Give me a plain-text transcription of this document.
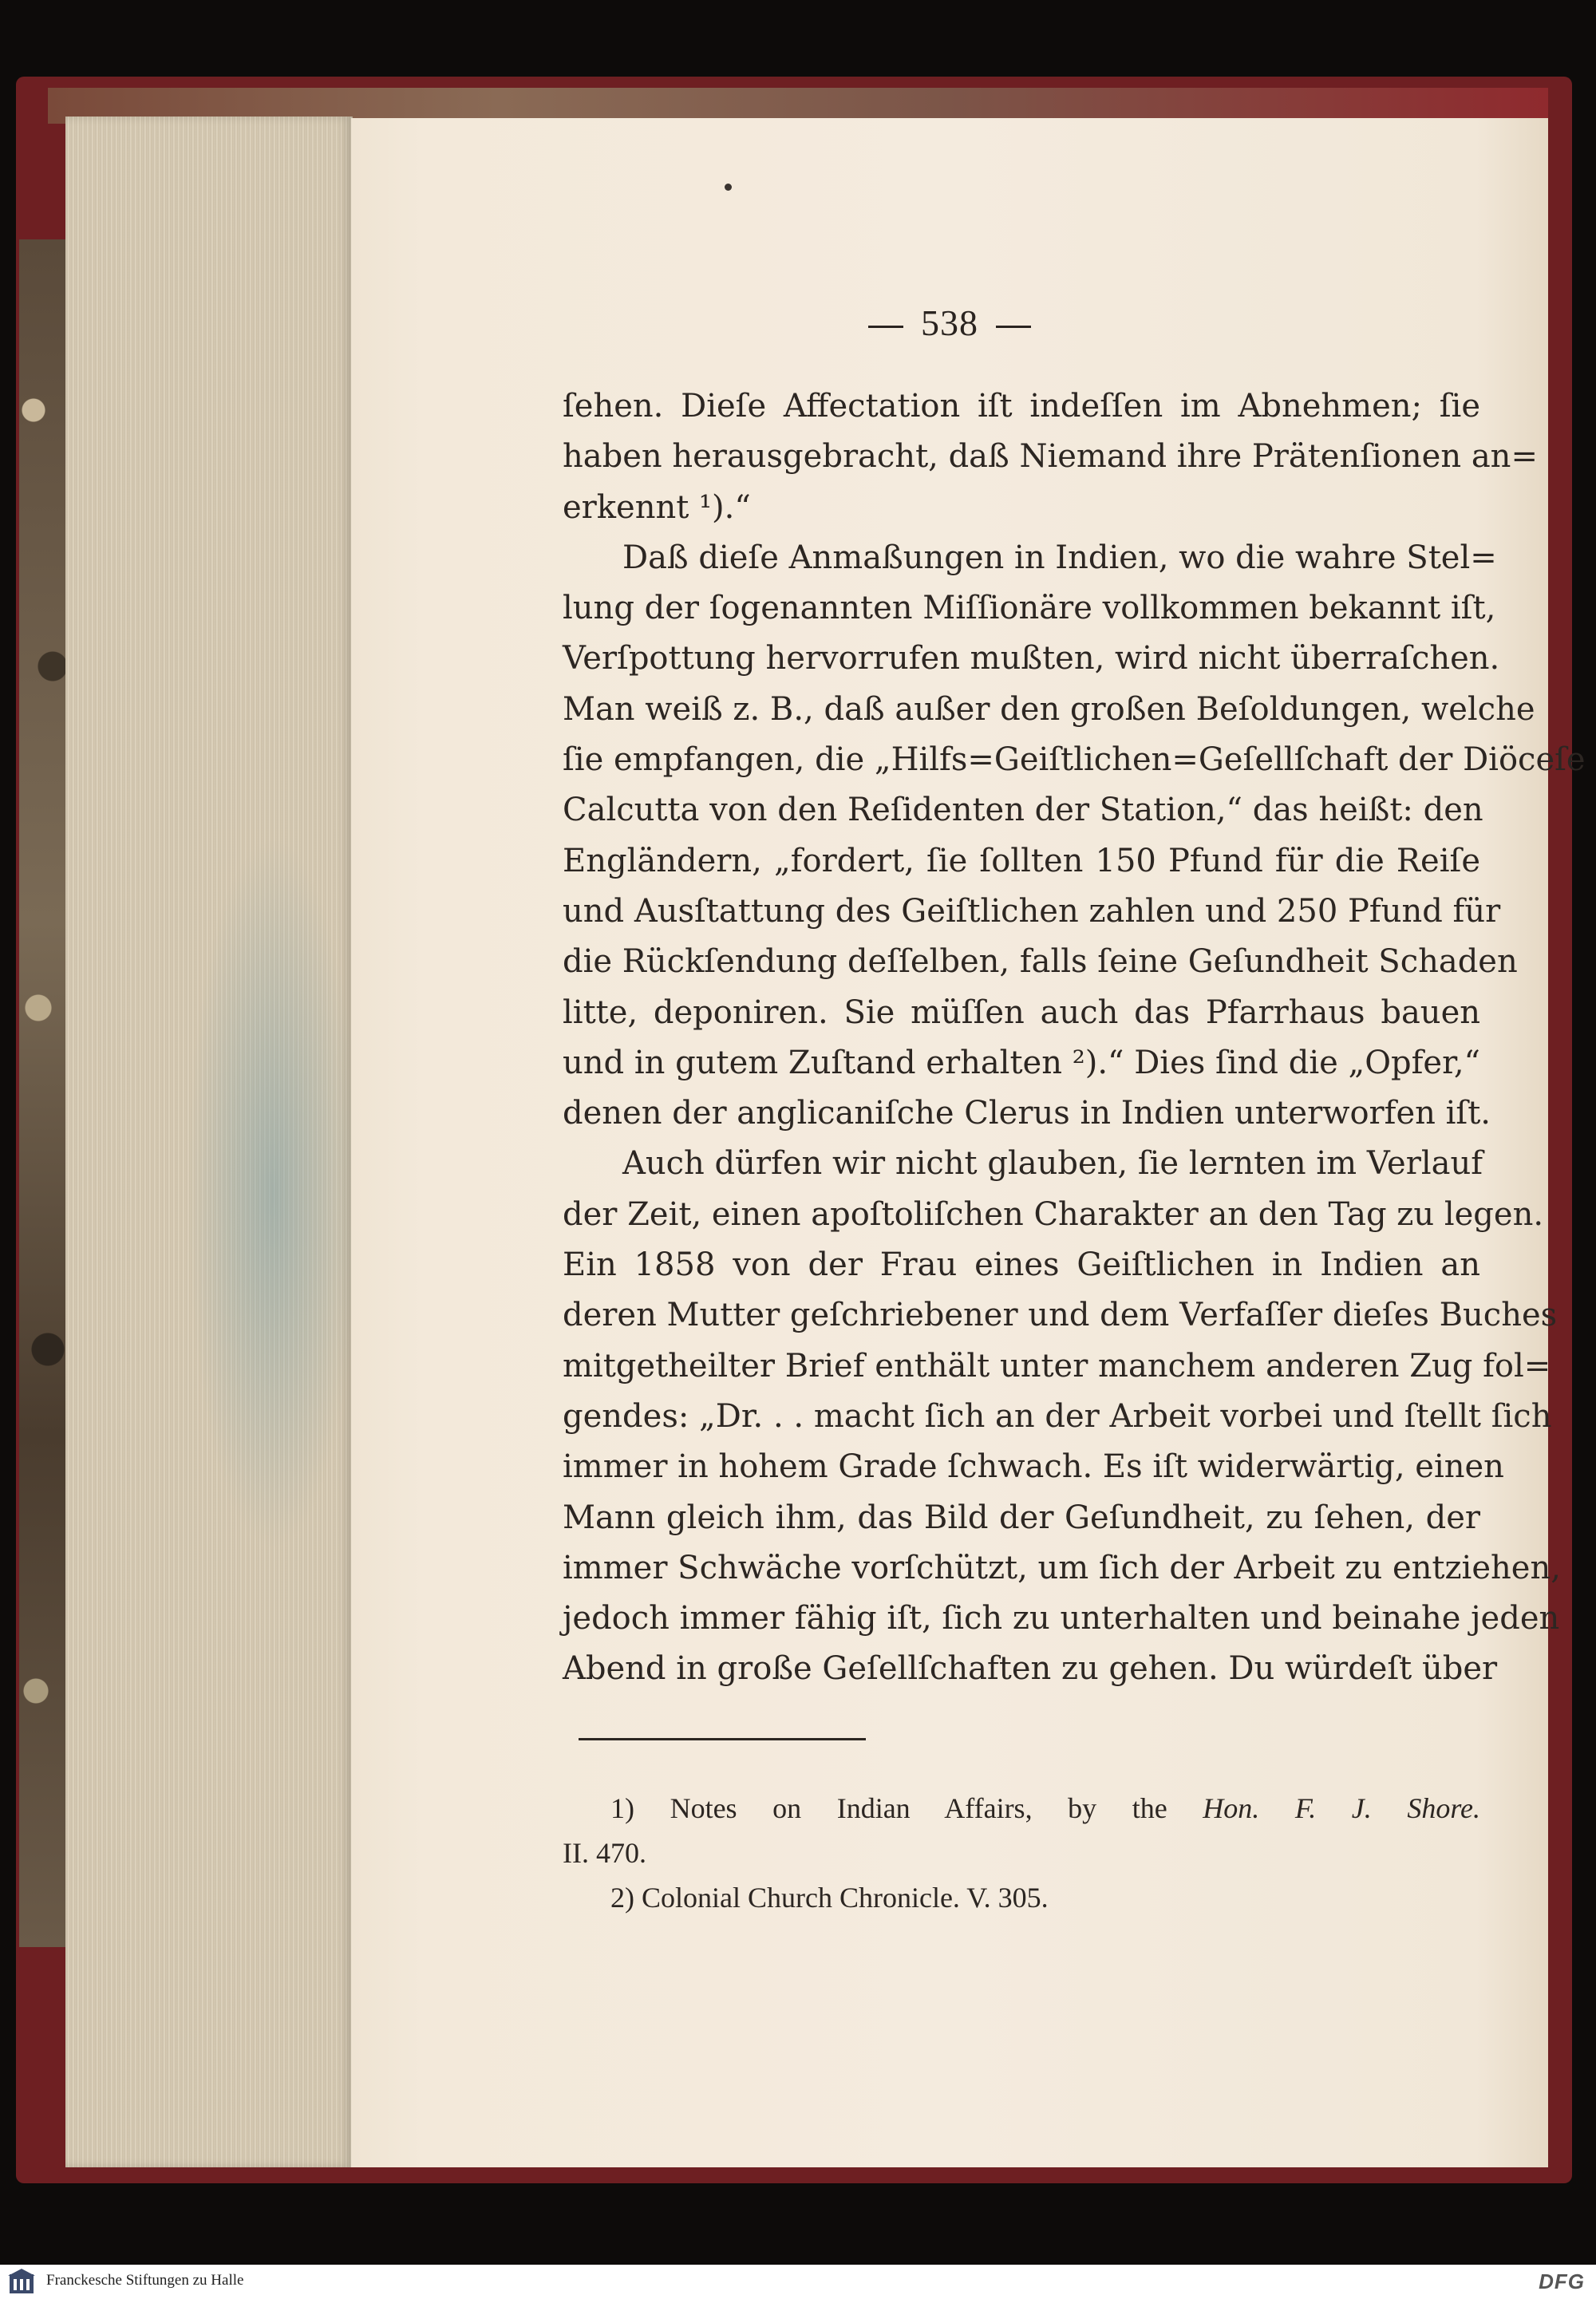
538
ſehen. Dieſe Affectation iſt indeſſen im Abnehmen; ſie
haben herausgebracht, daß Niemand ihre Prätenſionen an=
erkennt ¹).“
Daß dieſe Anmaßungen in Indien, wo die wahre Stel=
lung der ſogenannten Miſſionäre vollkommen bekannt iſt,
Verſpottung hervorrufen mußten, wird nicht überraſchen.
Man weiß z. B., daß außer den großen Beſoldungen, welche
ſie empfangen, die „Hilfs=Geiſtlichen=Geſellſchaft der Diöceſe
Calcutta von den Reſidenten der Station,“ das heißt: den
Engländern, „fordert, ſie ſollten 150 Pfund für die Reiſe
und Ausſtattung des Geiſtlichen zahlen und 250 Pfund für
die Rückſendung deſſelben, falls ſeine Geſundheit Schaden
litte, deponiren. Sie müſſen auch das Pfarrhaus bauen
und in gutem Zuſtand erhalten ²).“ Dies ſind die „Opfer,“
denen der anglicaniſche Clerus in Indien unterworfen iſt.
Auch dürfen wir nicht glauben, ſie lernten im Verlauf
der Zeit, einen apoſtoliſchen Charakter an den Tag zu legen.
Ein 1858 von der Frau eines Geiſtlichen in Indien an
deren Mutter geſchriebener und dem Verfaſſer dieſes Buches
mitgetheilter Brief enthält unter manchem anderen Zug fol=
gendes: „Dr. . . macht ſich an der Arbeit vorbei und ſtellt ſich
immer in hohem Grade ſchwach. Es iſt widerwärtig, einen
Mann gleich ihm, das Bild der Geſundheit, zu ſehen, der
immer Schwäche vorſchützt, um ſich der Arbeit zu entziehen,
jedoch immer fähig iſt, ſich zu unterhalten und beinahe jeden
Abend in große Geſellſchaften zu gehen. Du würdeſt über
1) Notes on Indian Affairs, by the Hon. F. J. Shore.
II. 470.
2) Colonial Church Chronicle. V. 305.
Franckesche Stiftungen zu Halle	DFG
